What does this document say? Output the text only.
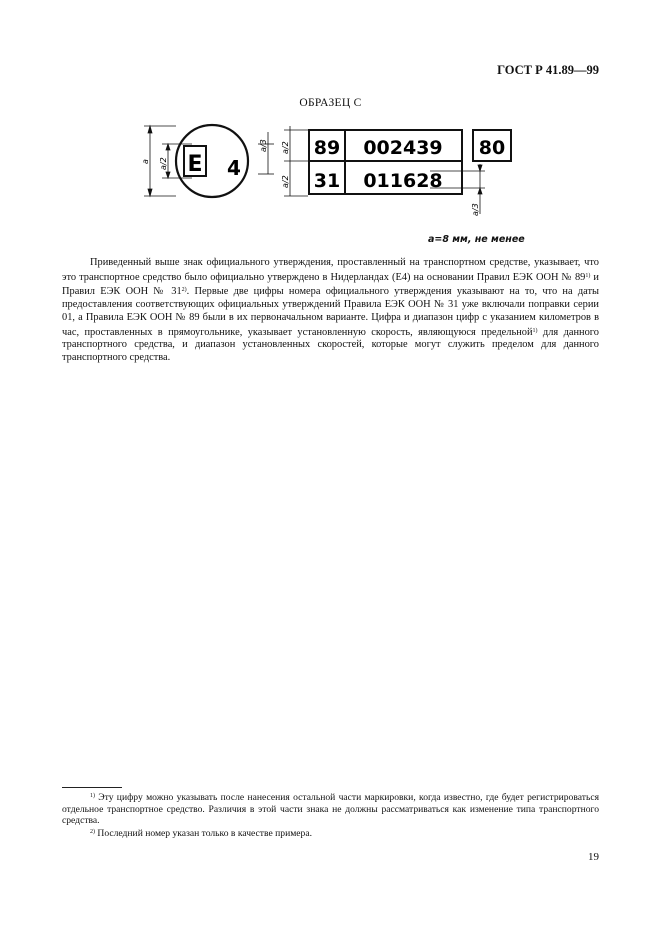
ГОСТ Р 41.89—99
ОБРАЗЕЦ С
a a/2 E 4
a/3 a/2
a/2
89 002439 80
31 011628
a/3
a=8 мм, не менее

Приведенный выше знак официального утверждения, проставленный на транспортном средстве, указывает, что это транспортное средство было официально утверждено в Нидерландах (Е4) на основании Правил ЕЭК ООН № 89$^{1)}$ и Правил ЕЭК ООН № 31$^{2)}$. Первые две цифры номера официального утверждения указывают на то, что на даты предоставления соответствующих официальных утверждений Правила ЕЭК ООН № 31 уже включали поправки серии 01, а Правила ЕЭК ООН № 89 были в их первоначальном варианте. Цифра и диапазон цифр с указанием километров в час, проставленных в прямоугольнике, указывает установленную скорость, являющуюся предельной$^{1)}$ для данного транспортного средства, и диапазон установленных скоростей, которые могут служить пределом для данного транспортного средства.

$^{1)}$ Эту цифру можно указывать после нанесения остальной части маркировки, когда известно, где будет регистрироваться отдельное транспортное средство. Различия в этой части знака не должны рассматриваться как изменение типа транспортного средства.

$^{2)}$ Последний номер указан только в качестве примера.

19
